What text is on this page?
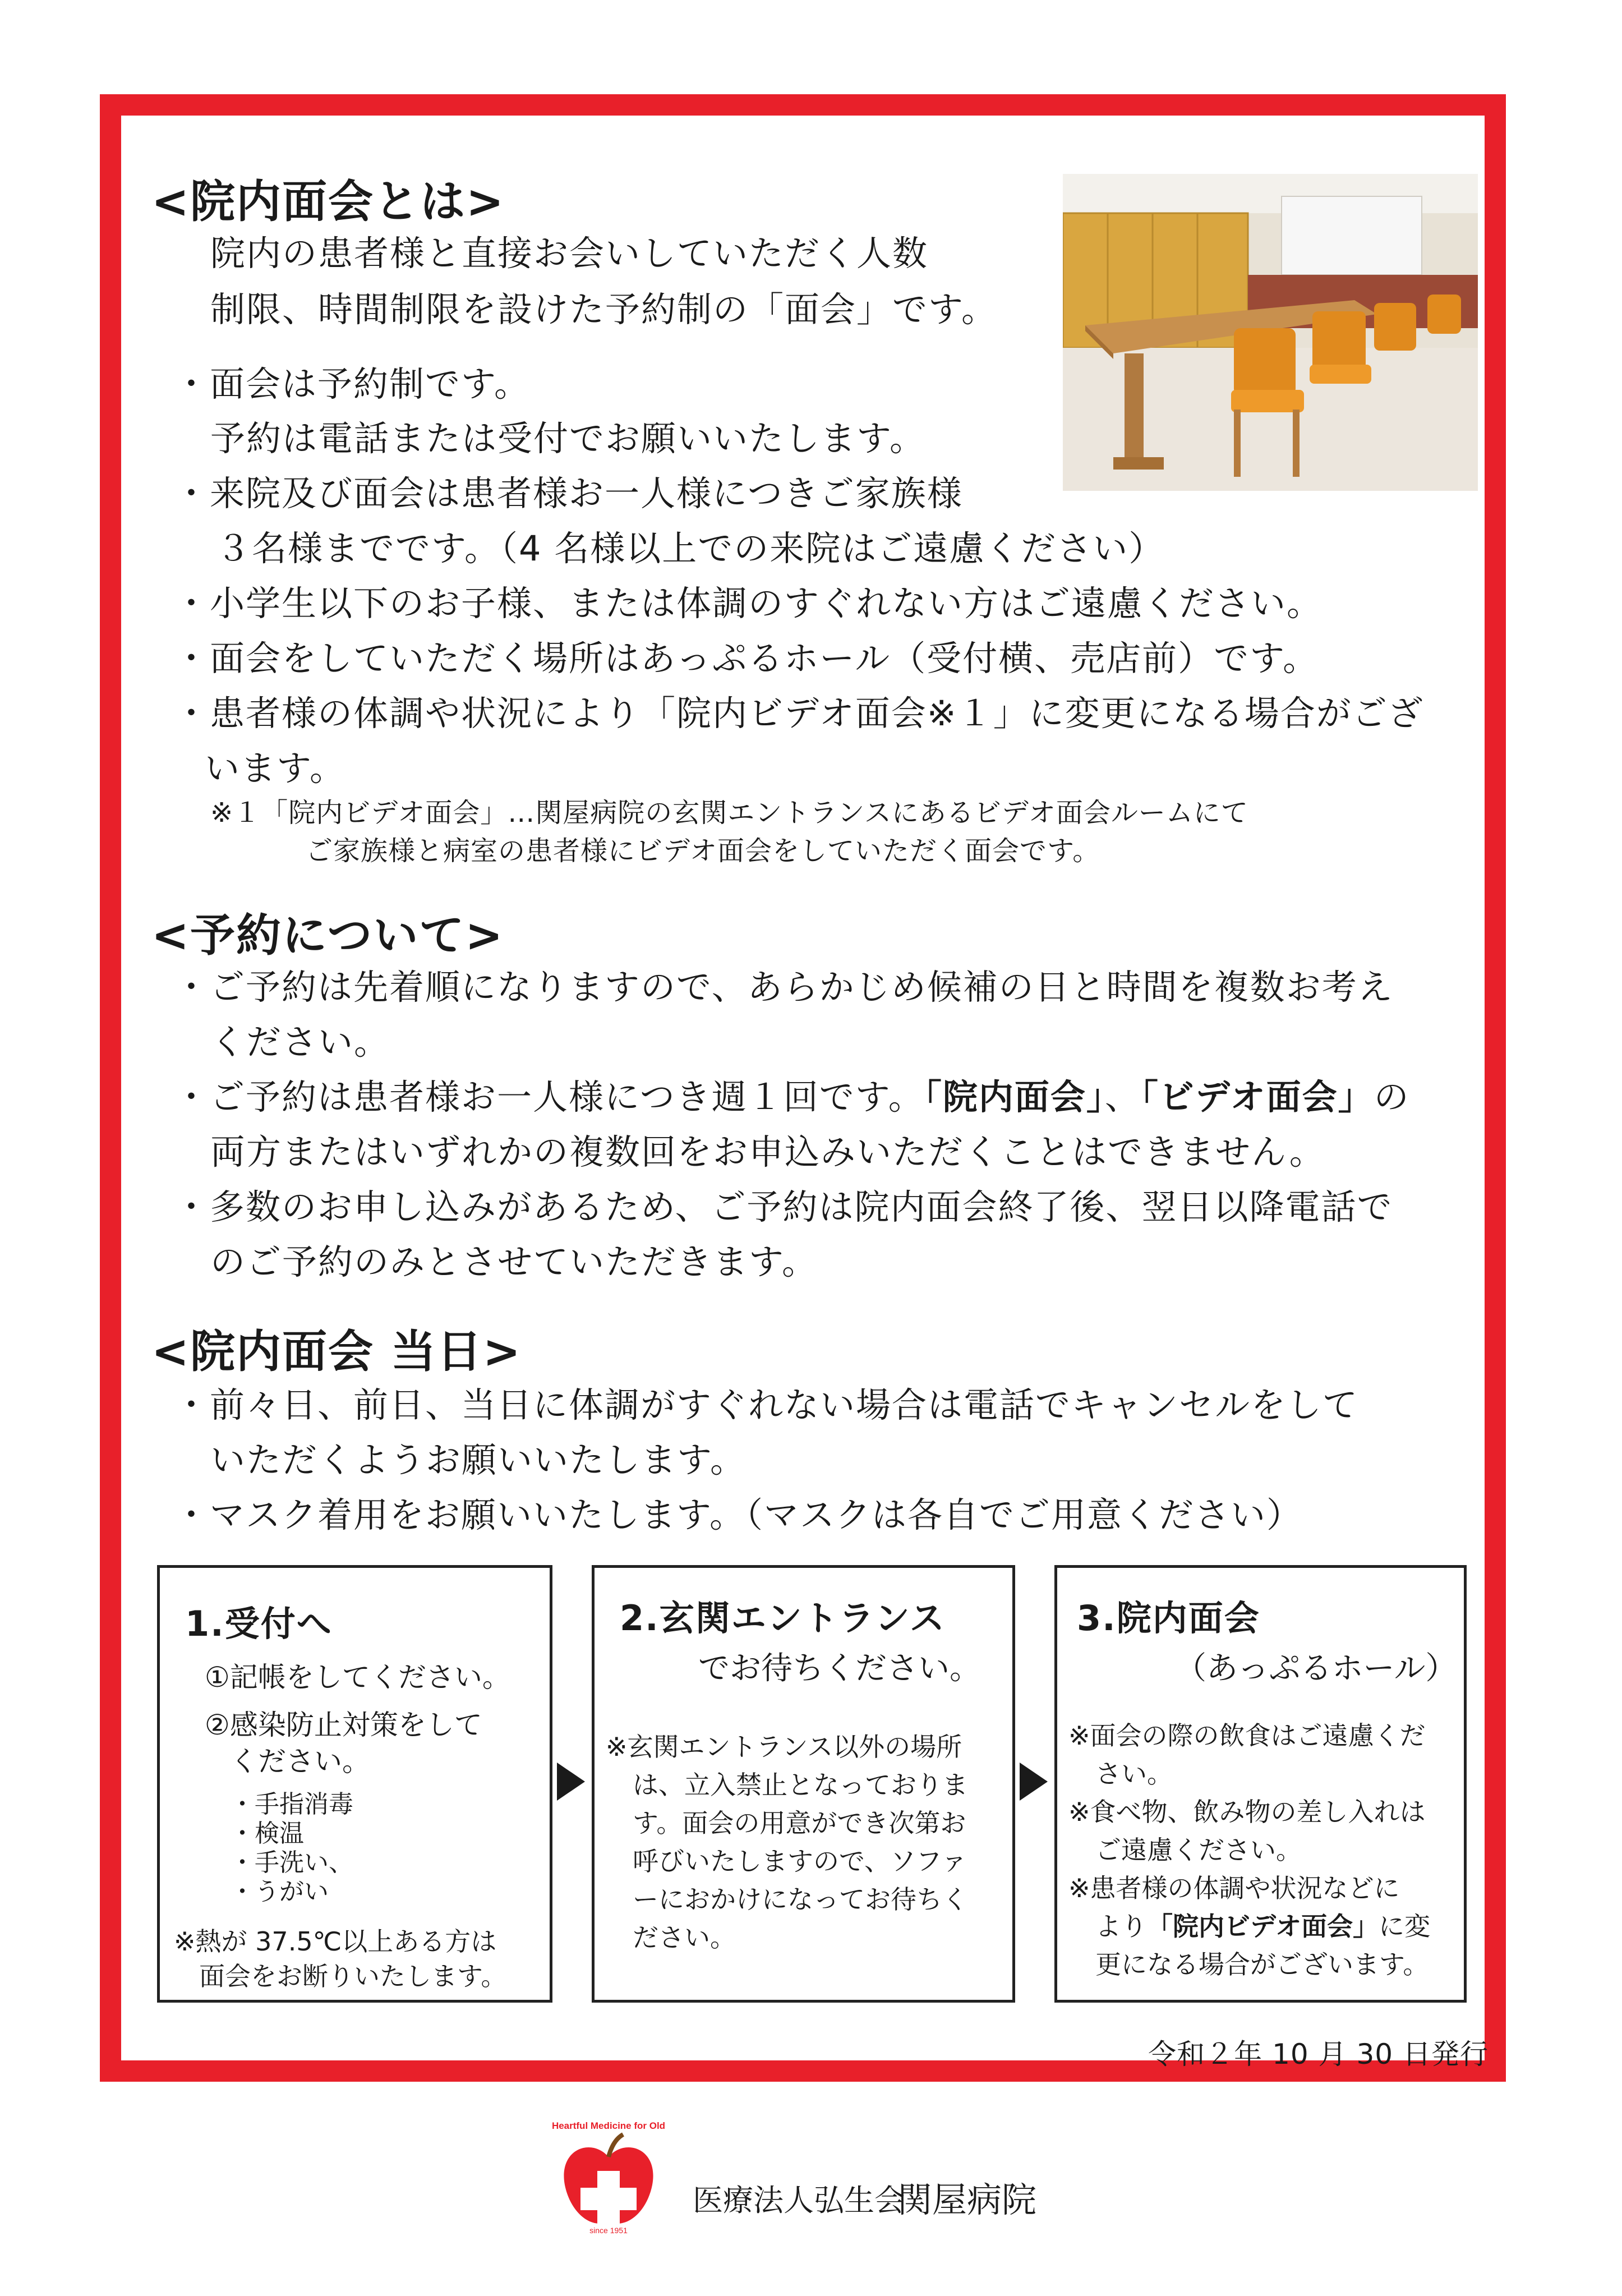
<院内面会とは>
院内の患者様と直接お会いしていただく人数
制限、時間制限を設けた予約制の「面会」です。
・面会は予約制です。
予約は電話または受付でお願いいたします。
・来院及び面会は患者様お一人様につきご家族様
３名様までです。（4 名様以上での来院はご遠慮ください）
・小学生以下のお子様、または体調のすぐれない方はご遠慮ください。
・面会をしていただく場所はあっぷるホール（受付横、売店前）です。
・患者様の体調や状況により「院内ビデオ面会※１」に変更になる場合がござ
います。
※１「院内ビデオ面会」…関屋病院の玄関エントランスにあるビデオ面会ルームにて
ご家族様と病室の患者様にビデオ面会をしていただく面会です。
<予約について>
・ご予約は先着順になりますので、あらかじめ候補の日と時間を複数お考え
ください。
・ご予約は患者様お一人様につき週１回です。「院内面会」、「ビデオ面会」の
両方またはいずれかの複数回をお申込みいただくことはできません。
・多数のお申し込みがあるため、ご予約は院内面会終了後、翌日以降電話で
のご予約のみとさせていただきます。
<院内面会 当日>
・前々日、前日、当日に体調がすぐれない場合は電話でキャンセルをして
いただくようお願いいたします。
・マスク着用をお願いいたします。（マスクは各自でご用意ください）
1.受付へ
①記帳をしてください。
②感染防止対策をして
ください。
・手指消毒
・検温
・手洗い、
・うがい
※熱が 37.5℃以上ある方は
面会をお断りいたします。
2.玄関エントランス
でお待ちください。
※玄関エントランス以外の場所
は、立入禁止となっておりま
す。面会の用意ができ次第お
呼びいたしますので、ソファ
ーにおかけになってお待ちく
ださい。
3.院内面会
（あっぷるホール）
※面会の際の飲食はご遠慮くだ
さい。
※食べ物、飲み物の差し入れは
ご遠慮ください。
※患者様の体調や状況などに
より「院内ビデオ面会」に変
更になる場合がございます。
令和２年 10 月 30 日発行
Heartful Medicine for Old
since 1951
医療法人弘生会
関屋病院
